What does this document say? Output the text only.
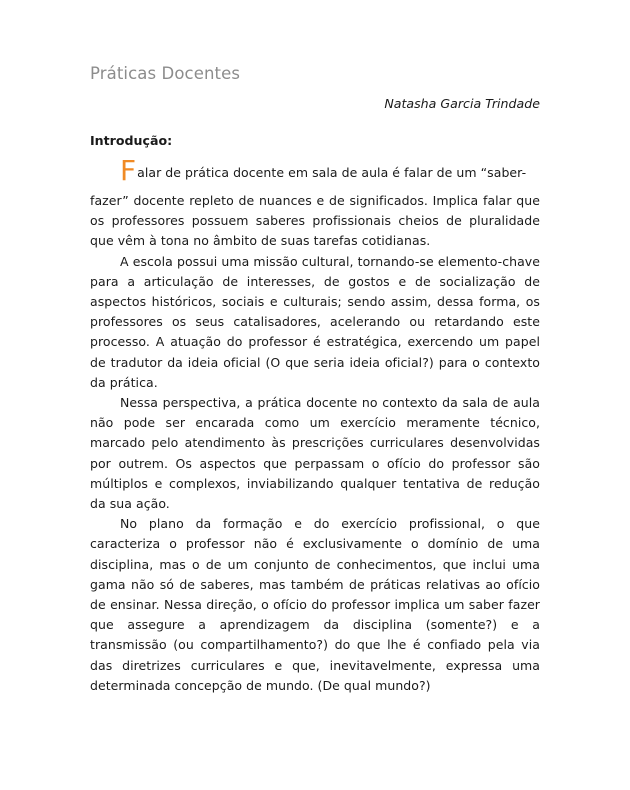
Práticas Docentes
Natasha Garcia Trindade
Introdução:

Falar de prática docente em sala de aula é falar de um “saber-
fazer” docente repleto de nuances e de significados. Implica falar que os professores possuem saberes profissionais cheios de pluralidade que vêm à tona no âmbito de suas tarefas cotidianas.

A escola possui uma missão cultural, tornando-se elemento-chave para a articulação de interesses, de gostos e de socialização de aspectos históricos, sociais e culturais; sendo assim, dessa forma, os professores os seus catalisadores, acelerando ou retardando este processo. A atuação do professor é estratégica, exercendo um papel de tradutor da ideia oficial (O que seria ideia oficial?) para o contexto da prática.

Nessa perspectiva, a prática docente no contexto da sala de aula não pode ser encarada como um exercício meramente técnico, marcado pelo atendimento às prescrições curriculares desenvolvidas por outrem. Os aspectos que perpassam o ofício do professor são múltiplos e complexos, inviabilizando qualquer tentativa de redução da sua ação.

No plano da formação e do exercício profissional, o que caracteriza o professor não é exclusivamente o domínio de uma disciplina, mas o de um conjunto de conhecimentos, que inclui uma gama não só de saberes, mas também de práticas relativas ao ofício de ensinar. Nessa direção, o ofício do professor implica um saber fazer que assegure a aprendizagem da disciplina (somente?) e a transmissão (ou compartilhamento?) do que lhe é confiado pela via das diretrizes curriculares e que, inevitavelmente, expressa uma determinada concepção de mundo. (De qual mundo?)
